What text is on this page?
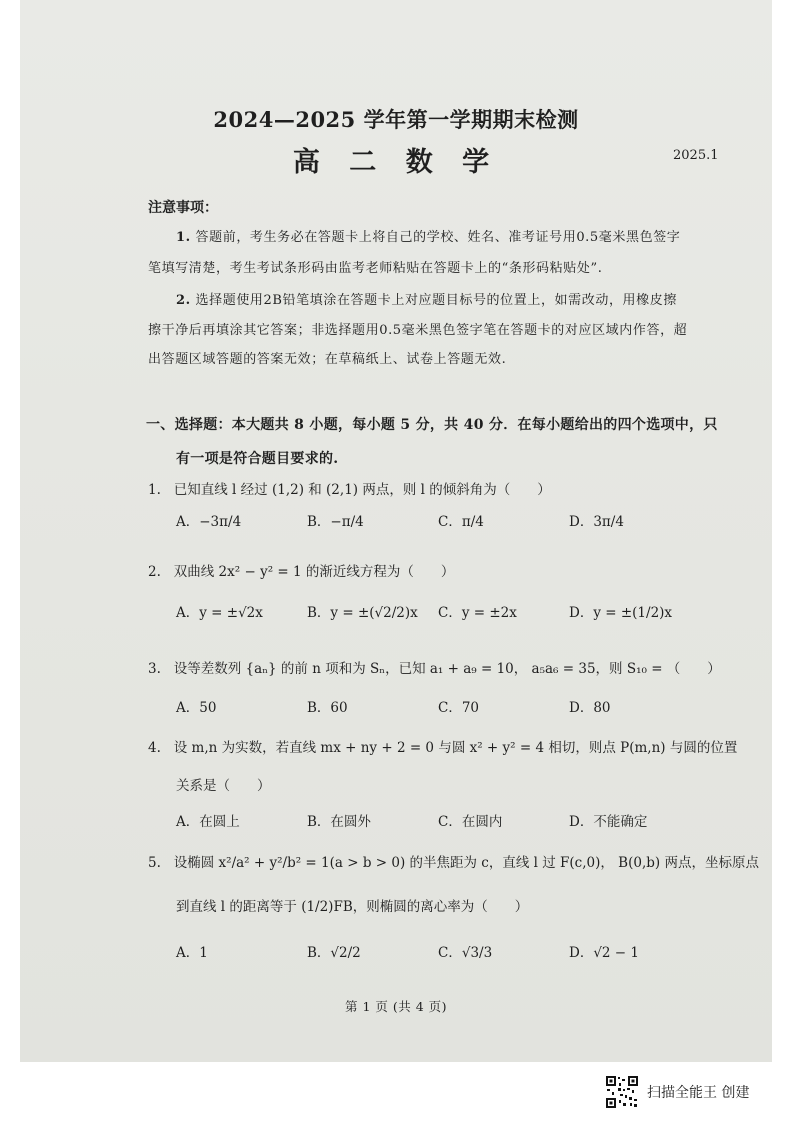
2024—2025 学年第一学期期末检测
高 二 数 学	2025.1
注意事项：
1. 答题前，考生务必在答题卡上将自己的学校、姓名、准考证号用0.5毫米黑色签字
笔填写清楚，考生考试条形码由监考老师粘贴在答题卡上的“条形码粘贴处”.
2. 选择题使用2B铅笔填涂在答题卡上对应题目标号的位置上，如需改动，用橡皮擦
擦干净后再填涂其它答案；非选择题用0.5毫米黑色签字笔在答题卡的对应区域内作答，超
出答题区域答题的答案无效；在草稿纸上、试卷上答题无效.
一、选择题：本大题共 8 小题，每小题 5 分，共 40 分．在每小题给出的四个选项中，只
有一项是符合题目要求的.
1. 已知直线 l 经过 (1,2) 和 (2,1) 两点，则 l 的倾斜角为（　　）
A．−3π/4	B．−π/4	C．π/4	D．3π/4
2. 双曲线 2x² − y² = 1 的渐近线方程为（　　）
A．y = ±√2x	B．y = ±(√2/2)x C．y = ±2x	D．y = ±(1/2)x
3. 设等差数列 {aₙ} 的前 n 项和为 Sₙ，已知 a₁ + a₉ = 10， a₅a₆ = 35，则 S₁₀ = （　　）
A．50	B．60	C．70	D．80
4. 设 m,n 为实数，若直线 mx + ny + 2 = 0 与圆 x² + y² = 4 相切，则点 P(m,n) 与圆的位置
关系是（　　）
A．在圆上	B．在圆外	C．在圆内	D．不能确定
5. 设椭圆 x²/a² + y²/b² = 1(a > b > 0) 的半焦距为 c，直线 l 过 F(c,0)， B(0,b) 两点，坐标原点
到直线 l 的距离等于 (1/2)FB，则椭圆的离心率为（　　）
A．1	B．√2/2	C．√3/3	D．√2 − 1
第 1 页 (共 4 页)
扫描全能王 创建
